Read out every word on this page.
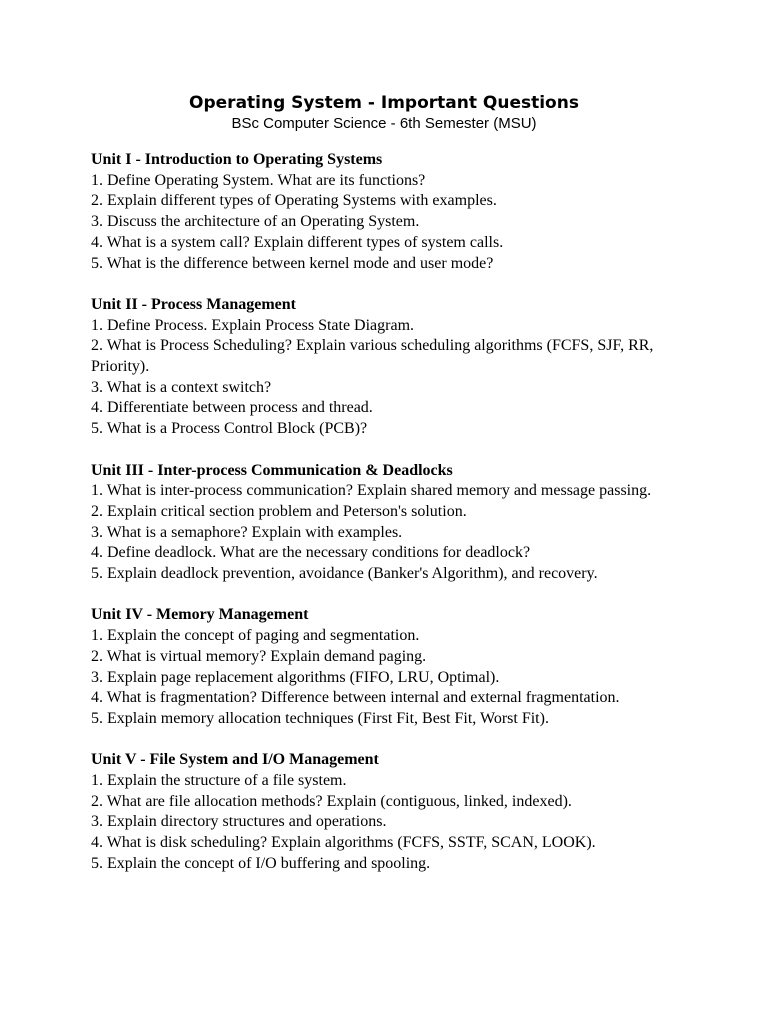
Operating System - Important Questions
BSc Computer Science - 6th Semester (MSU)
Unit I - Introduction to Operating Systems
1. Define Operating System. What are its functions?
2. Explain different types of Operating Systems with examples.
3. Discuss the architecture of an Operating System.
4. What is a system call? Explain different types of system calls.
5. What is the difference between kernel mode and user mode?
Unit II - Process Management
1. Define Process. Explain Process State Diagram.
2. What is Process Scheduling? Explain various scheduling algorithms (FCFS, SJF, RR, Priority).
3. What is a context switch?
4. Differentiate between process and thread.
5. What is a Process Control Block (PCB)?
Unit III - Inter-process Communication & Deadlocks
1. What is inter-process communication? Explain shared memory and message passing.
2. Explain critical section problem and Peterson's solution.
3. What is a semaphore? Explain with examples.
4. Define deadlock. What are the necessary conditions for deadlock?
5. Explain deadlock prevention, avoidance (Banker's Algorithm), and recovery.
Unit IV - Memory Management
1. Explain the concept of paging and segmentation.
2. What is virtual memory? Explain demand paging.
3. Explain page replacement algorithms (FIFO, LRU, Optimal).
4. What is fragmentation? Difference between internal and external fragmentation.
5. Explain memory allocation techniques (First Fit, Best Fit, Worst Fit).
Unit V - File System and I/O Management
1. Explain the structure of a file system.
2. What are file allocation methods? Explain (contiguous, linked, indexed).
3. Explain directory structures and operations.
4. What is disk scheduling? Explain algorithms (FCFS, SSTF, SCAN, LOOK).
5. Explain the concept of I/O buffering and spooling.
